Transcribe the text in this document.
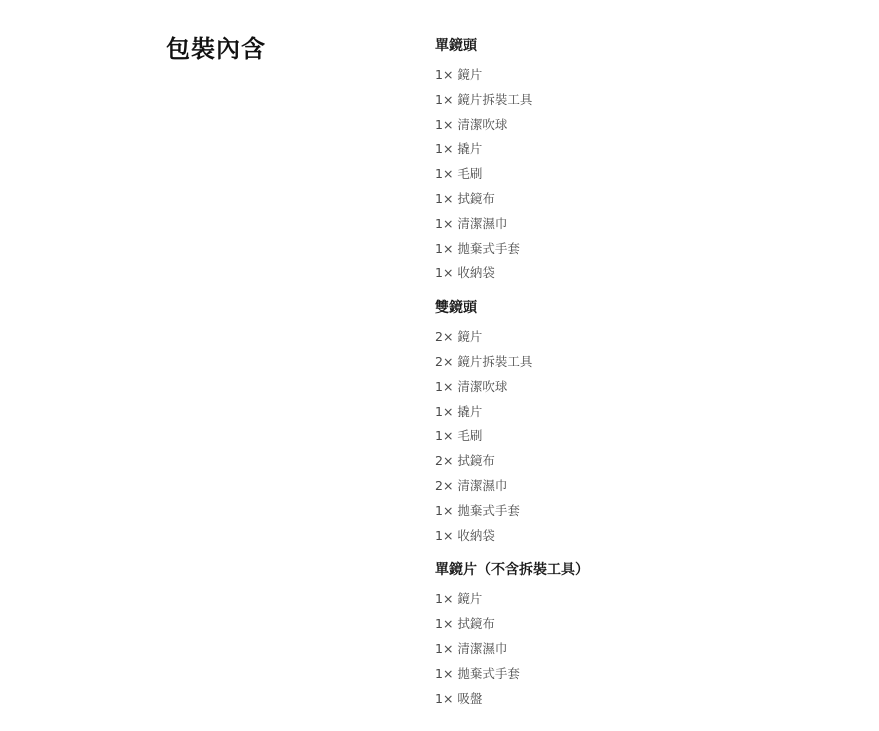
包裝內含	單鏡頭
1× 鏡片
1× 鏡片拆裝工具
1× 清潔吹球
1× 撬片
1× 毛刷
1× 拭鏡布
1× 清潔濕巾
1× 拋棄式手套
1× 收納袋
雙鏡頭
2× 鏡片
2× 鏡片拆裝工具
1× 清潔吹球
1× 撬片
1× 毛刷
2× 拭鏡布
2× 清潔濕巾
1× 拋棄式手套
1× 收納袋
單鏡片（不含拆裝工具）
1× 鏡片
1× 拭鏡布
1× 清潔濕巾
1× 拋棄式手套
1× 吸盤
